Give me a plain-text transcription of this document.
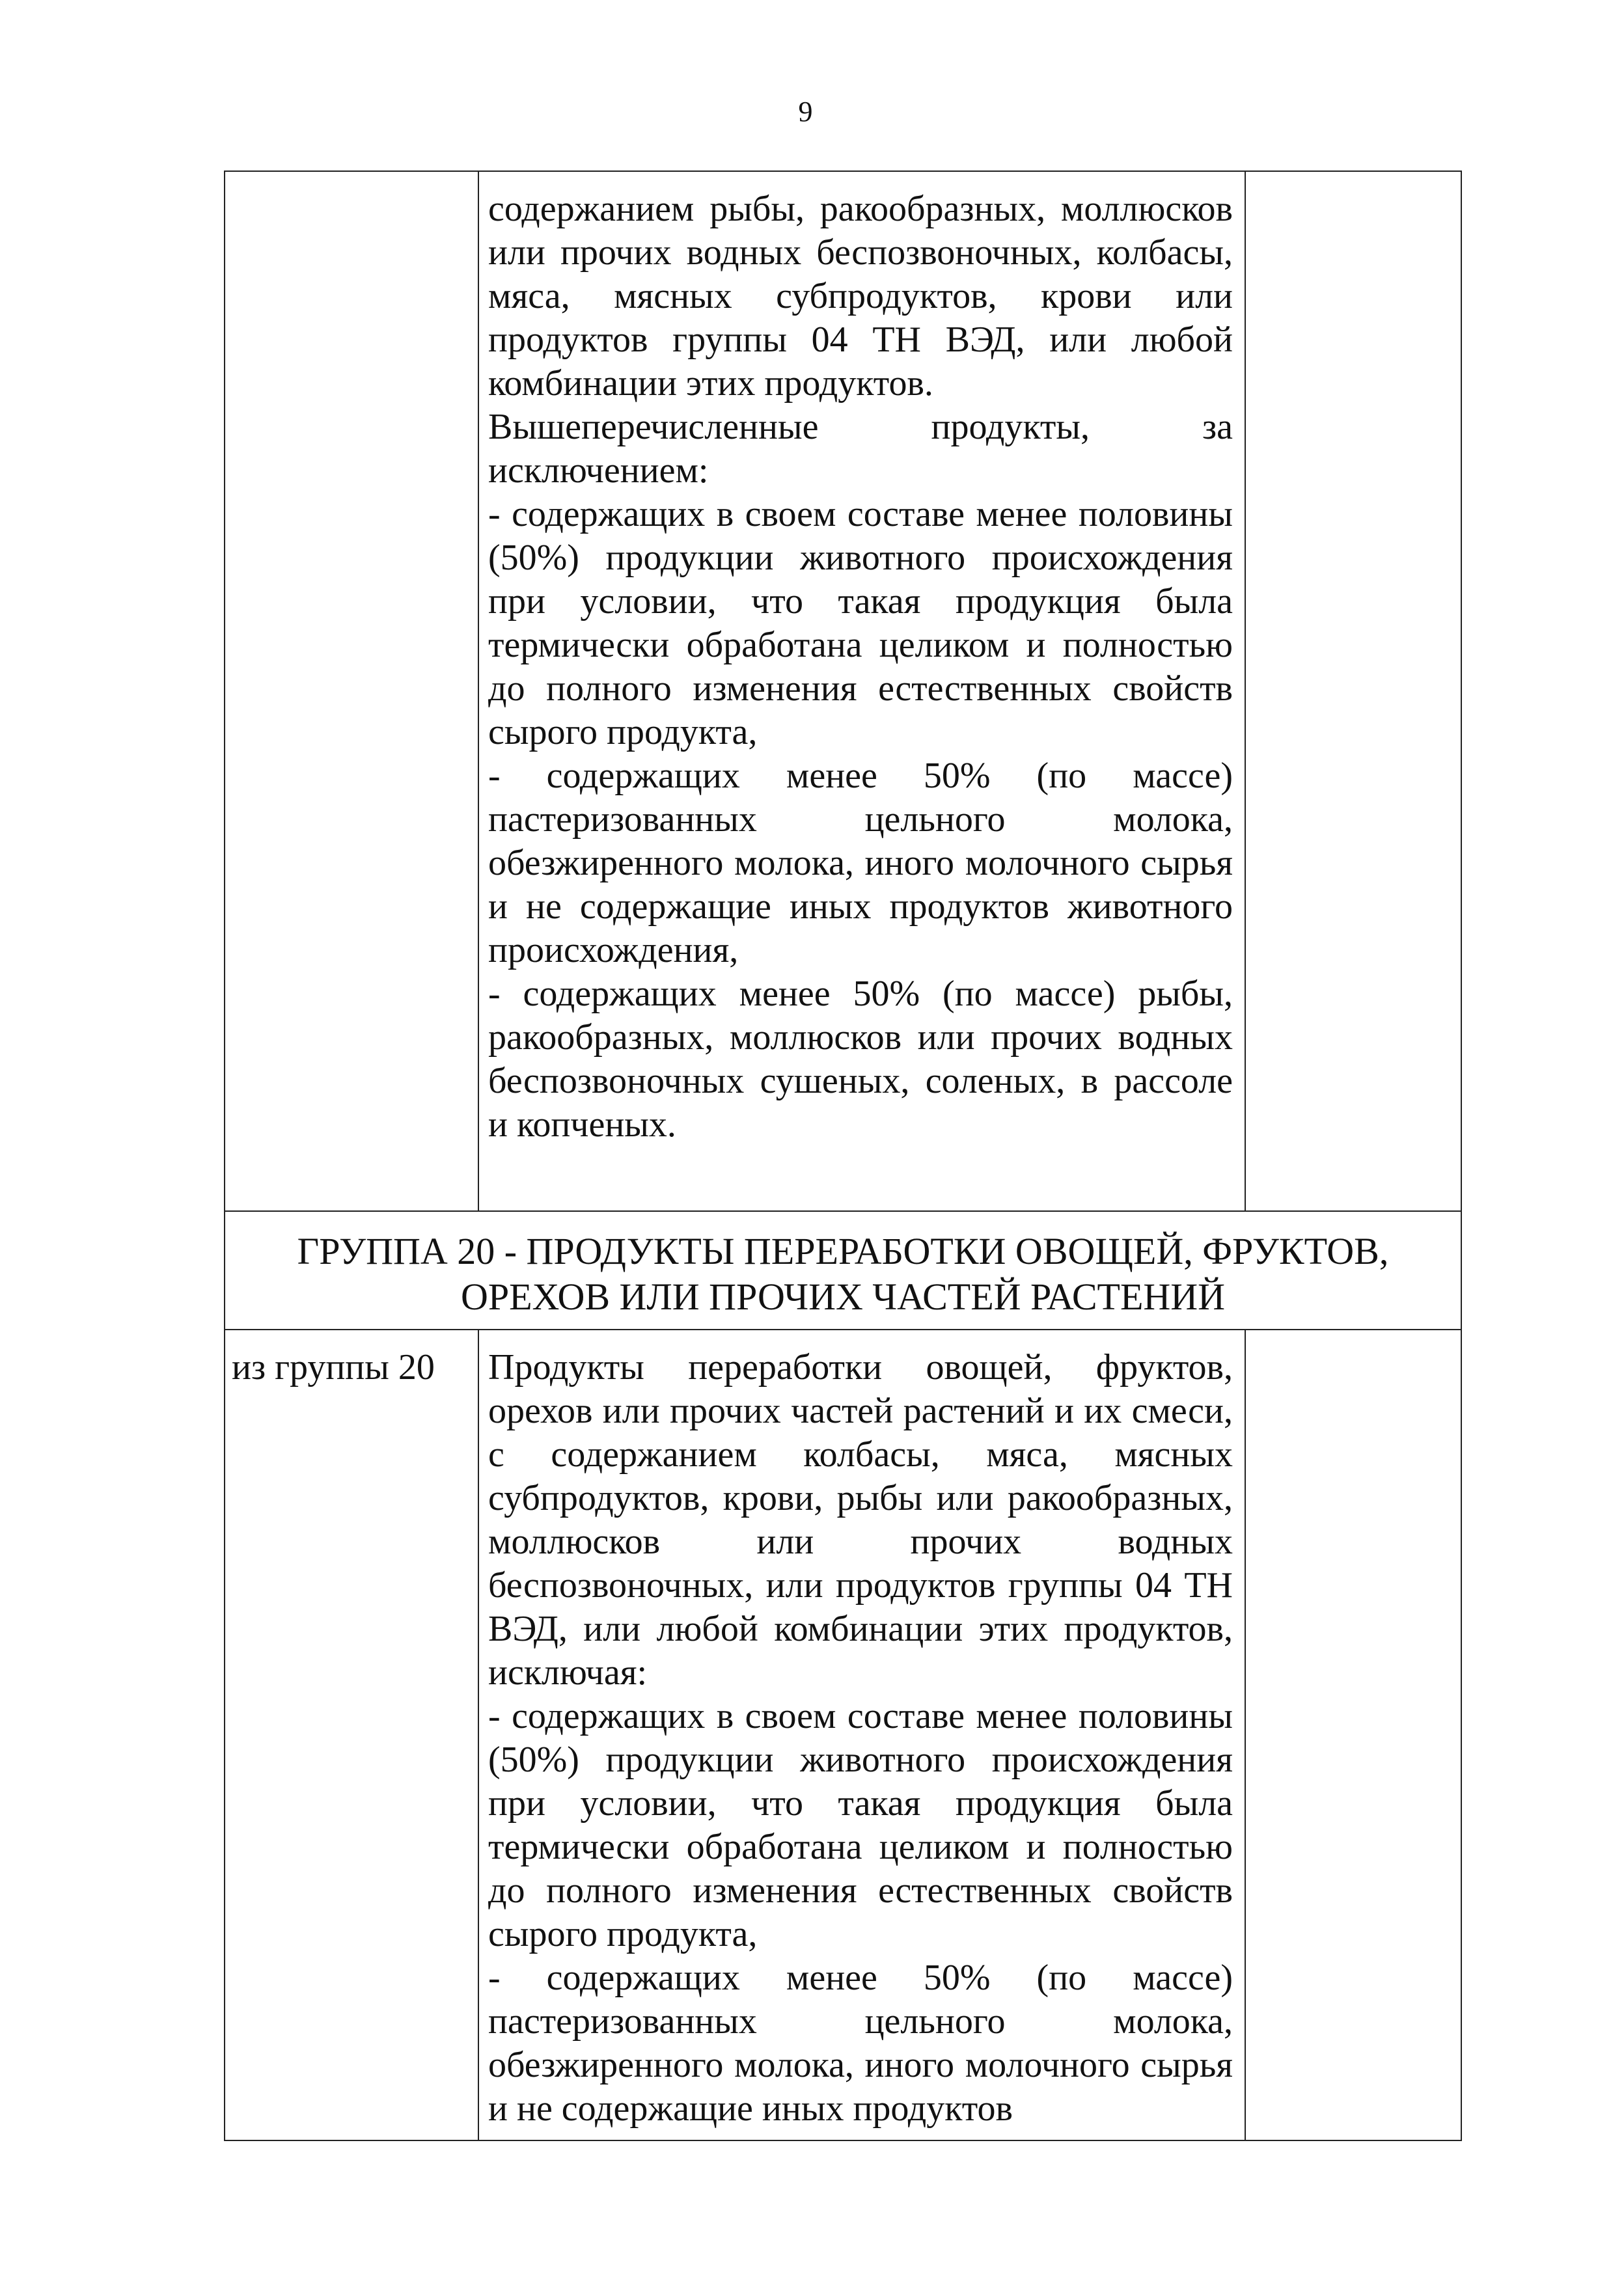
9

	содержанием рыбы, ракообразных, моллюсков или прочих водных беспозвоночных, колбасы, мяса, мясных субпродуктов, крови или продуктов группы 04 ТН ВЭД, или любой комбинации этих продуктов.

Вышеперечисленные продукты, за исключением:

- содержащих в своем составе менее половины (50%) продукции животного происхождения при условии, что такая продукция была термически обработана целиком и полностью до полного изменения естественных свойств сырого продукта,

- содержащих менее 50% (по массе) пастеризованных цельного молока, обезжиренного молока, иного молочного сырья и не содержащие иных продуктов животного происхождения,

- содержащих менее 50% (по массе) рыбы, ракообразных, моллюсков или прочих водных беспозвоночных сушеных, соленых, в рассоле и копченых.	

ГРУППА 20 - ПРОДУКТЫ ПЕРЕРАБОТКИ ОВОЩЕЙ, ФРУКТОВ, ОРЕХОВ ИЛИ ПРОЧИХ ЧАСТЕЙ РАСТЕНИЙ		

из группы 20	Продукты переработки овощей, фруктов, орехов или прочих частей растений и их смеси, с содержанием колбасы, мяса, мясных субпродуктов, крови, рыбы или ракообразных, моллюсков или прочих водных беспозвоночных, или продуктов группы 04 ТН ВЭД, или любой комбинации этих продуктов, исключая:

- содержащих в своем составе менее половины (50%) продукции животного происхождения при условии, что такая продукция была термически обработана целиком и полностью до полного изменения естественных свойств сырого продукта,

- содержащих менее 50% (по массе) пастеризованных цельного молока, обезжиренного молока, иного молочного сырья и не содержащие иных продуктов	
